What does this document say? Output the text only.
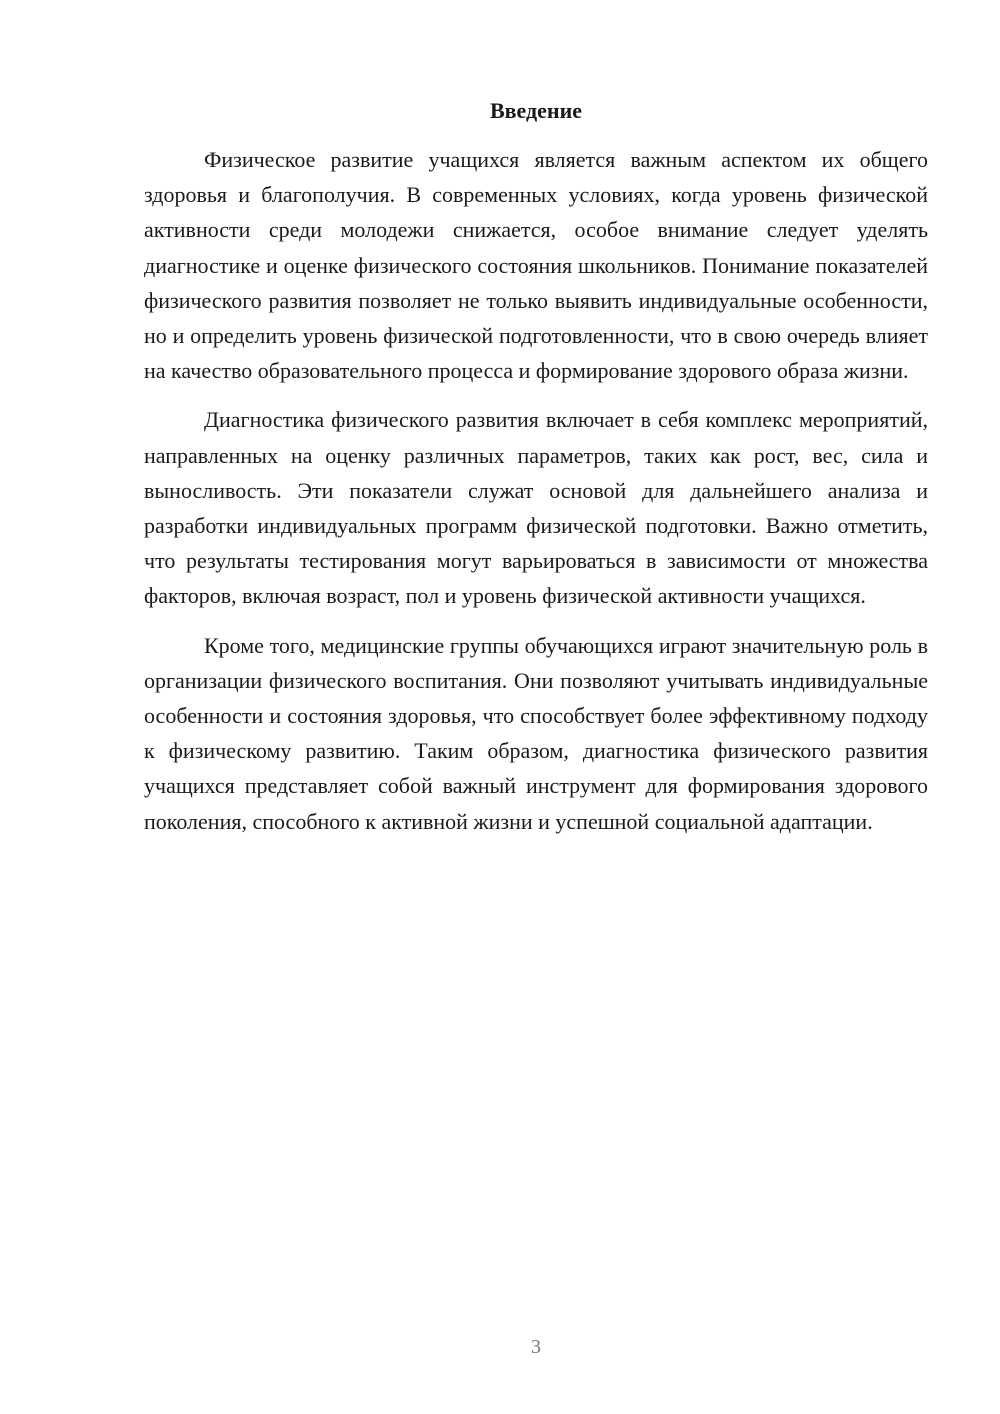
Введение

Физическое развитие учащихся является важным аспектом их общего здоровья и благополучия. В современных условиях, когда уровень физической активности среди молодежи снижается, особое внимание следует уделять диагностике и оценке физического состояния школьников. Понимание показателей физического развития позволяет не только выявить индивидуальные особенности, но и определить уровень физической подготовленности, что в свою очередь влияет на качество образовательного процесса и формирование здорового образа жизни.

Диагностика физического развития включает в себя комплекс мероприятий, направленных на оценку различных параметров, таких как рост, вес, сила и выносливость. Эти показатели служат основой для дальнейшего анализа и разработки индивидуальных программ физической подготовки. Важно отметить, что результаты тестирования могут варьироваться в зависимости от множества факторов, включая возраст, пол и уровень физической активности учащихся.

Кроме того, медицинские группы обучающихся играют значительную роль в организации физического воспитания. Они позволяют учитывать индивидуальные особенности и состояния здоровья, что способствует более эффективному подходу к физическому развитию. Таким образом, диагностика физического развития учащихся представляет собой важный инструмент для формирования здорового поколения, способного к активной жизни и успешной социальной адаптации.

3
